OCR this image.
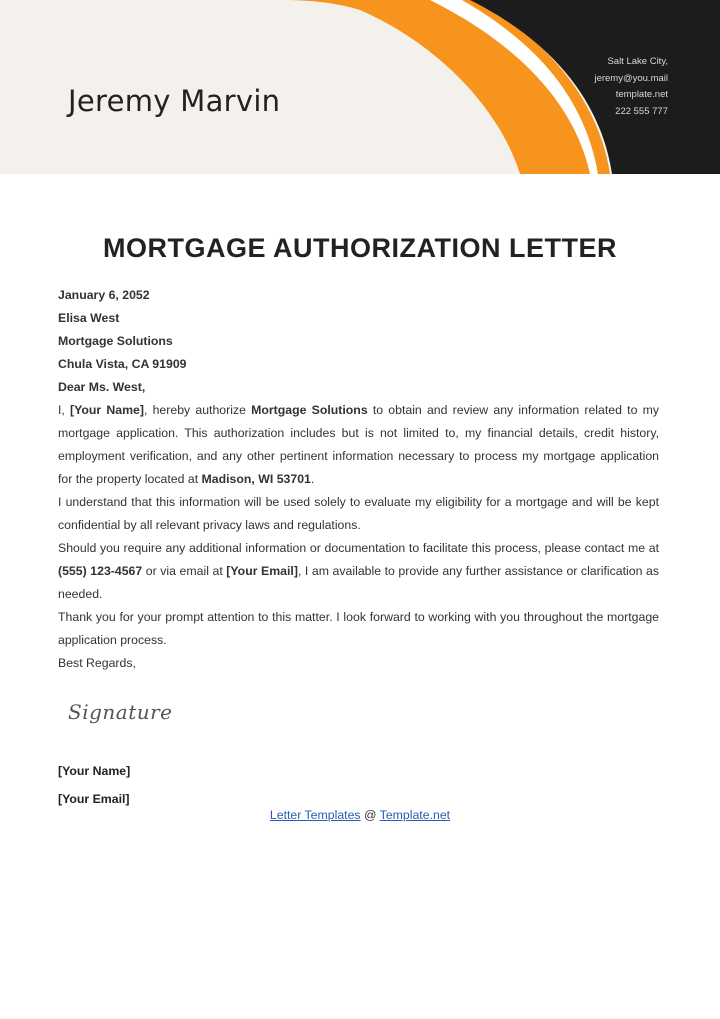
Jeremy Marvin
Salt Lake City,
jeremy@you.mail
template.net
222 555 777
MORTGAGE AUTHORIZATION LETTER
January 6, 2052
Elisa West
Mortgage Solutions
Chula Vista, CA 91909
Dear Ms. West,
I, [Your Name], hereby authorize Mortgage Solutions to obtain and review any information related to my mortgage application. This authorization includes but is not limited to, my financial details, credit history, employment verification, and any other pertinent information necessary to process my mortgage application for the property located at Madison, WI 53701.
I understand that this information will be used solely to evaluate my eligibility for a mortgage and will be kept confidential by all relevant privacy laws and regulations.
Should you require any additional information or documentation to facilitate this process, please contact me at (555) 123-4567 or via email at [Your Email], I am available to provide any further assistance or clarification as needed.
Thank you for your prompt attention to this matter. I look forward to working with you throughout the mortgage application process.
Best Regards,
Signature
[Your Name]
[Your Email]
Letter Templates @ Template.net
